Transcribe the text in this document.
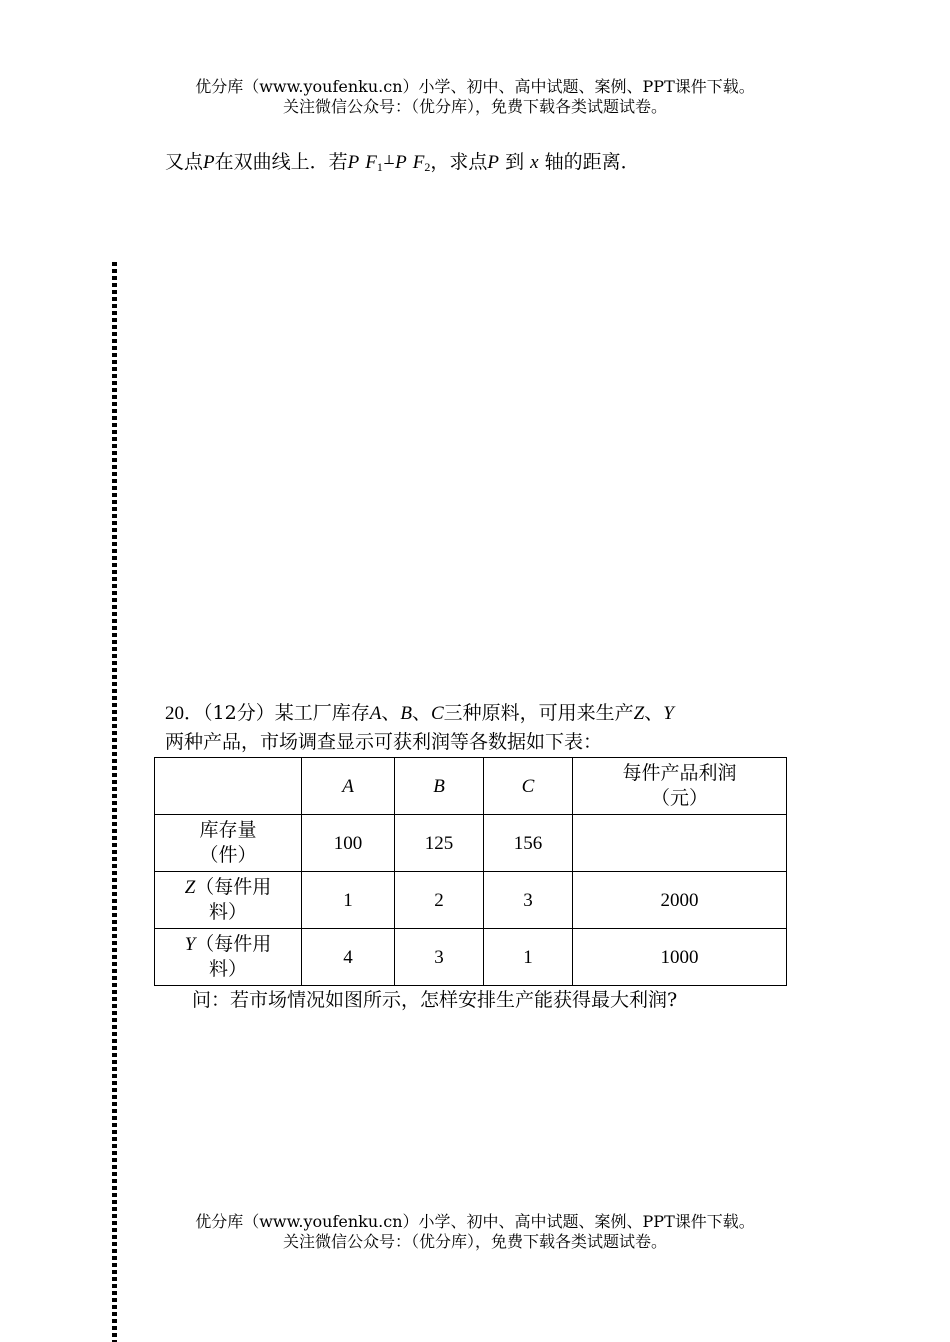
优分库（www.youfenku.cn）小学、初中、高中试题、案例、PPT课件下载。
关注微信公众号：（优分库），免费下载各类试题试卷。
又点P在双曲线上．若P $F_1^\perp P$ $F_2$，求点P 到 x 轴的距离．
20．（12分）某工厂库存A、B、C三种原料，可用来生产Z、Y
两种产品，市场调查显示可获利润等各数据如下表：
	A	B	C	每件产品利润
（元）

库存量
（件）	100	125	156	

Z（每件用
料）	1	2	3	2000

Y（每件用
料）	4	3	1	1000
问：若市场情况如图所示，怎样安排生产能获得最大利润?
优分库（www.youfenku.cn）小学、初中、高中试题、案例、PPT课件下载。
关注微信公众号：（优分库），免费下载各类试题试卷。
